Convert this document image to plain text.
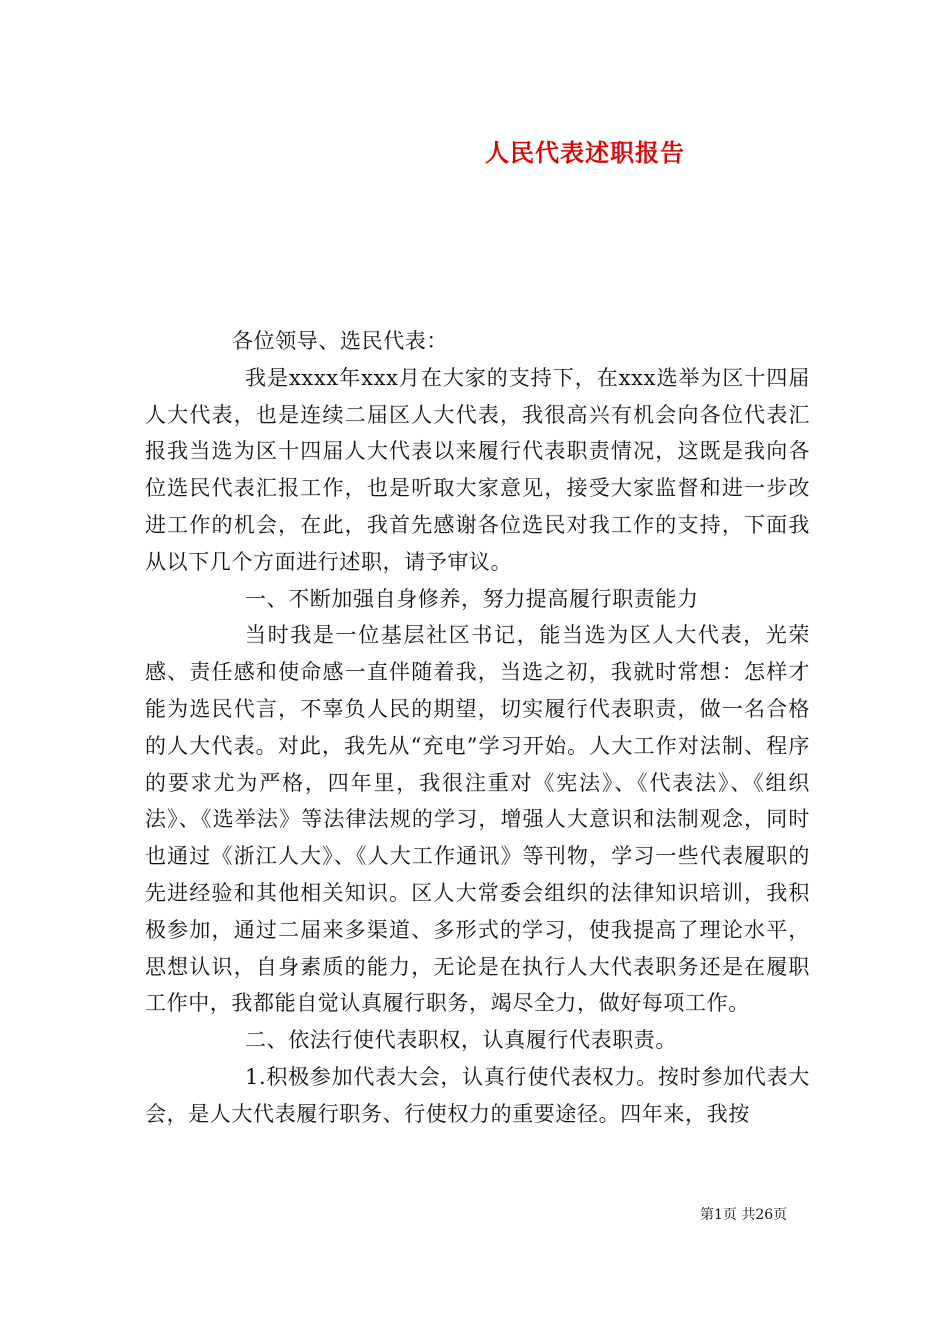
人民代表述职报告

各位领导、选民代表：

我是xxxx年xxx月在大家的支持下，在xxx选举为区十四届人大代表，也是连续二届区人大代表，我很高兴有机会向各位代表汇报我当选为区十四届人大代表以来履行代表职责情况，这既是我向各位选民代表汇报工作，也是听取大家意见，接受大家监督和进一步改进工作的机会，在此，我首先感谢各位选民对我工作的支持，下面我从以下几个方面进行述职，请予审议。

一、不断加强自身修养，努力提高履行职责能力

当时我是一位基层社区书记，能当选为区人大代表，光荣感、责任感和使命感一直伴随着我，当选之初，我就时常想：怎样才能为选民代言，不辜负人民的期望，切实履行代表职责，做一名合格的人大代表。对此，我先从“充电”学习开始。人大工作对法制、程序的要求尤为严格，四年里，我很注重对《宪法》、《代表法》、《组织法》、《选举法》等法律法规的学习，增强人大意识和法制观念，同时也通过《浙江人大》、《人大工作通讯》等刊物，学习一些代表履职的先进经验和其他相关知识。区人大常委会组织的法律知识培训，我积极参加，通过二届来多渠道、多形式的学习，使我提高了理论水平，思想认识，自身素质的能力，无论是在执行人大代表职务还是在履职工作中，我都能自觉认真履行职务，竭尽全力，做好每项工作。

二、依法行使代表职权，认真履行代表职责。

1.积极参加代表大会，认真行使代表权力。按时参加代表大会，是人大代表履行职务、行使权力的重要途径。四年来，我按

第1页 共26页
